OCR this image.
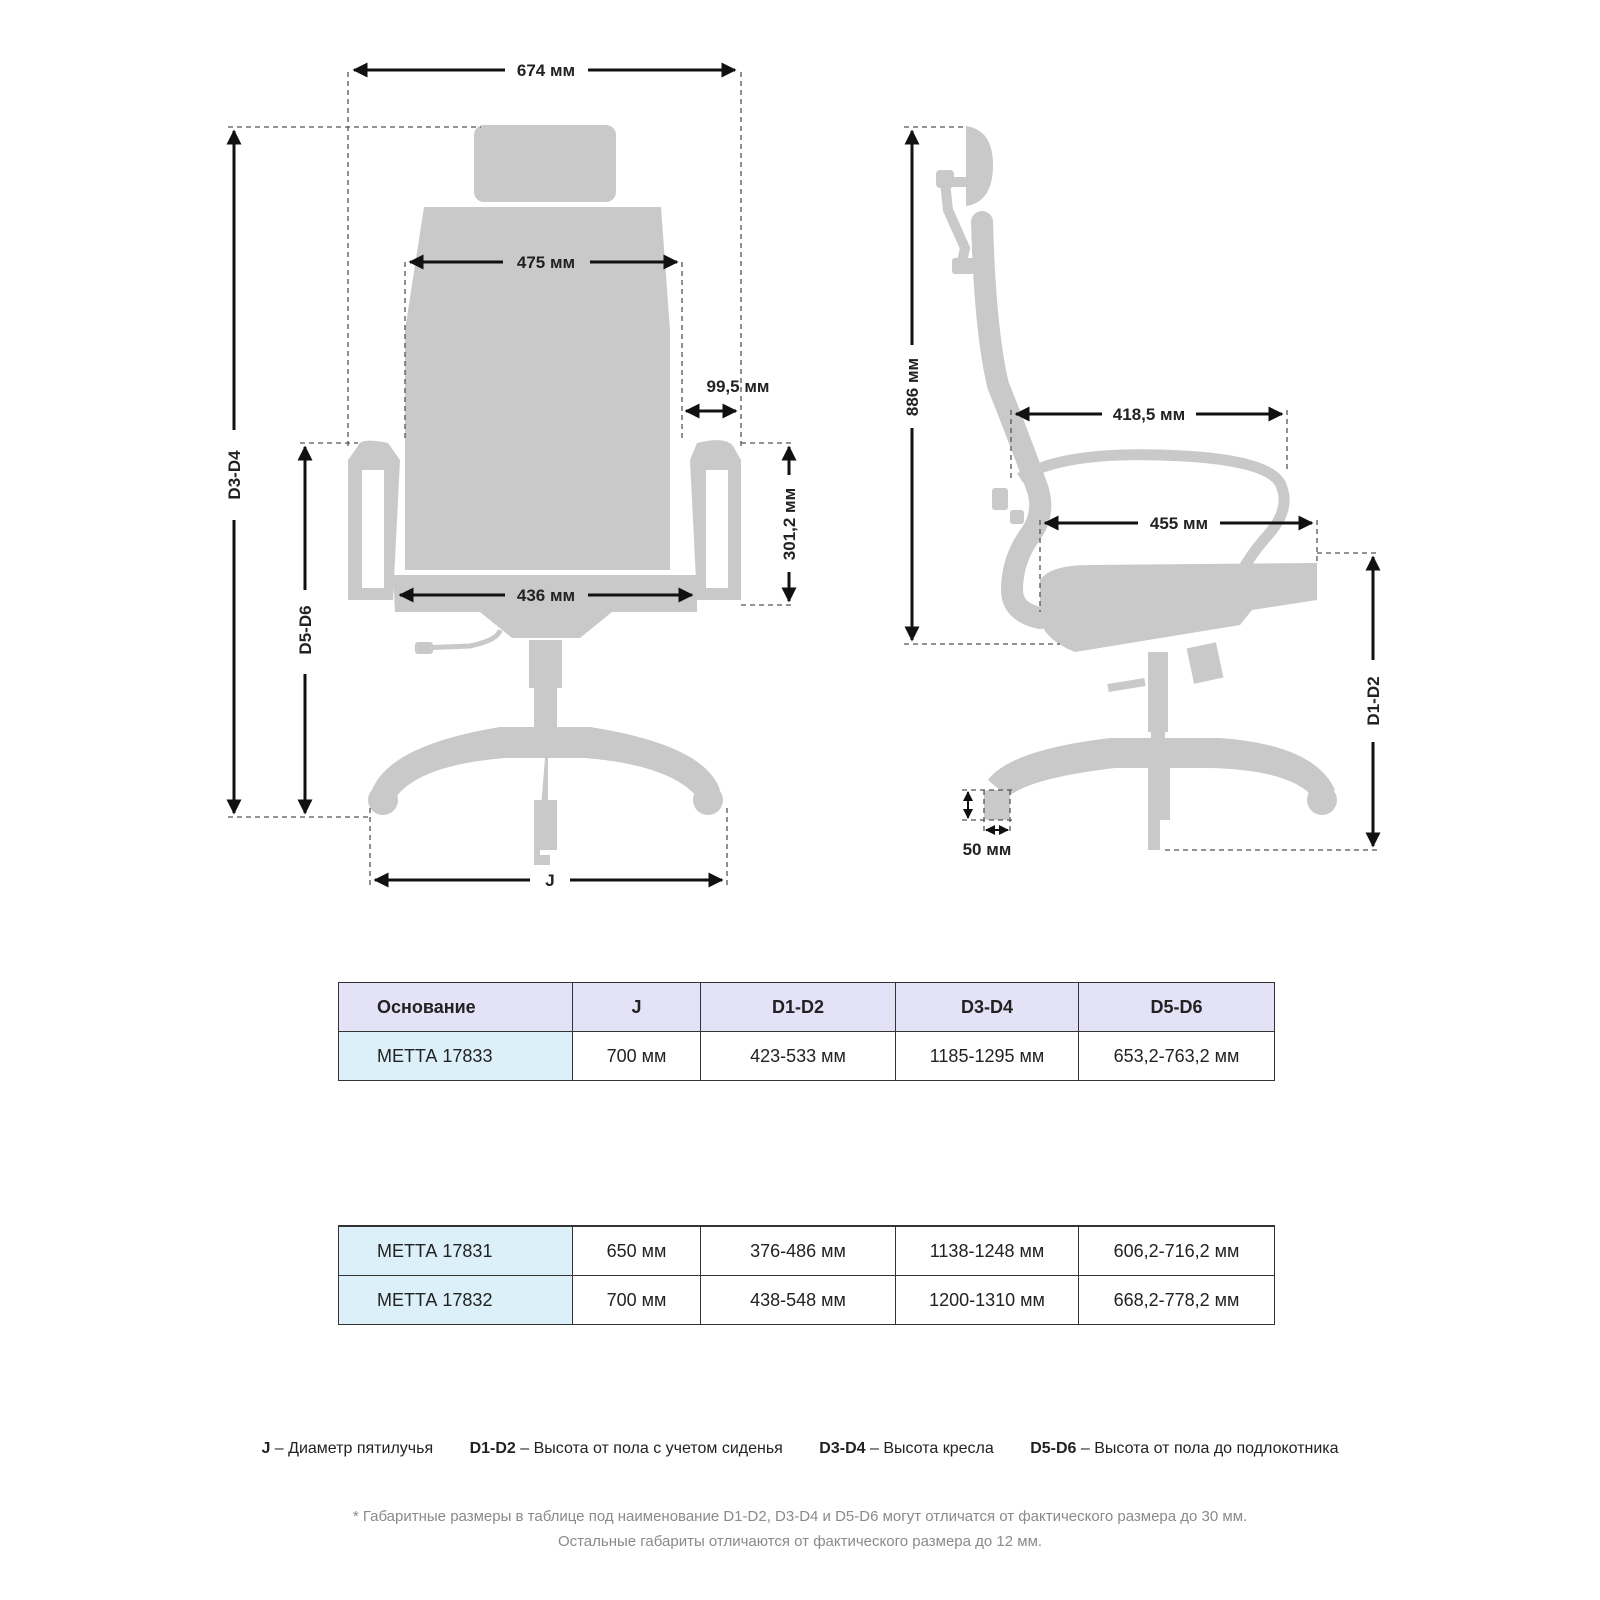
674 мм
475 мм
99,5 мм
301,2 мм
436 мм
D3-D4
D5-D6
J
886 мм	418,5 мм
455 мм
D1-D2
50 мм
Основание	J	D1-D2	D3-D4	D5-D6
МЕТТА 17833	700 мм	423-533 мм	1185-1295 мм	653,2-763,2 мм
МЕТТА 17831	650 мм	376-486 мм	1138-1248 мм	606,2-716,2 мм
МЕТТА 17832	700 мм	438-548 мм	1200-1310 мм	668,2-778,2 мм
J – Диаметр пятилучья D1-D2 – Высота от пола с учетом сиденья D3-D4 – Высота кресла D5-D6 – Высота от пола до подлокотника
* Габаритные размеры в таблице под наименование D1-D2, D3-D4 и D5-D6 могут отличатся от фактического размера до 30 мм.
Остальные габариты отличаются от фактического размера до 12 мм.
